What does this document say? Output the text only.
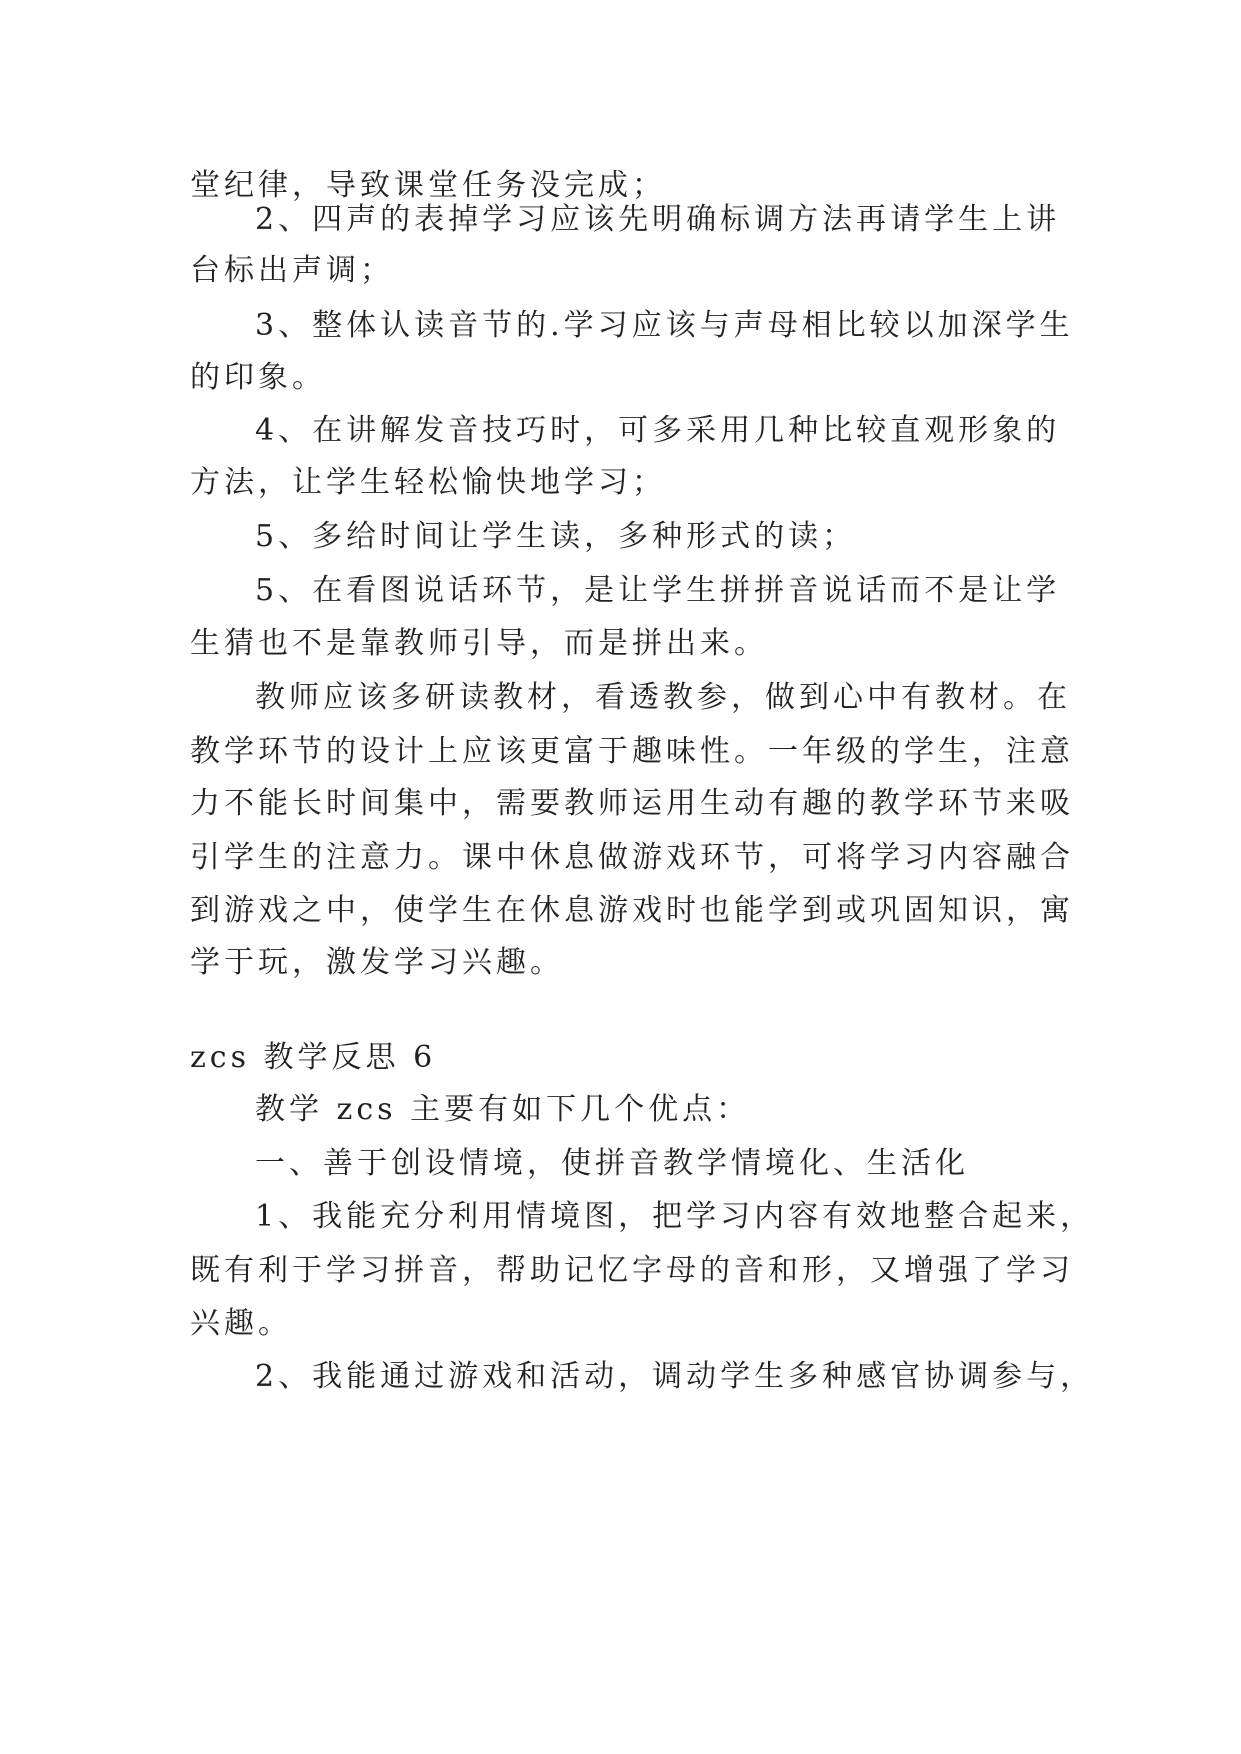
堂纪律，导致课堂任务没完成；
2、四声的表掉学习应该先明确标调方法再请学生上讲
台标出声调；
3、整体认读音节的.学习应该与声母相比较以加深学生
的印象。
4、在讲解发音技巧时，可多采用几种比较直观形象的
方法，让学生轻松愉快地学习；
5、多给时间让学生读，多种形式的读；
5、在看图说话环节，是让学生拼拼音说话而不是让学
生猜也不是靠教师引导，而是拼出来。
教师应该多研读教材，看透教参，做到心中有教材。在
教学环节的设计上应该更富于趣味性。一年级的学生，注意
力不能长时间集中，需要教师运用生动有趣的教学环节来吸
引学生的注意力。课中休息做游戏环节，可将学习内容融合
到游戏之中，使学生在休息游戏时也能学到或巩固知识，寓
学于玩，激发学习兴趣。
zcs 教学反思 6
教学 zcs 主要有如下几个优点：
一、善于创设情境，使拼音教学情境化、生活化
1、我能充分利用情境图，把学习内容有效地整合起来，
既有利于学习拼音，帮助记忆字母的音和形，又增强了学习
兴趣。
2、我能通过游戏和活动，调动学生多种感官协调参与，
